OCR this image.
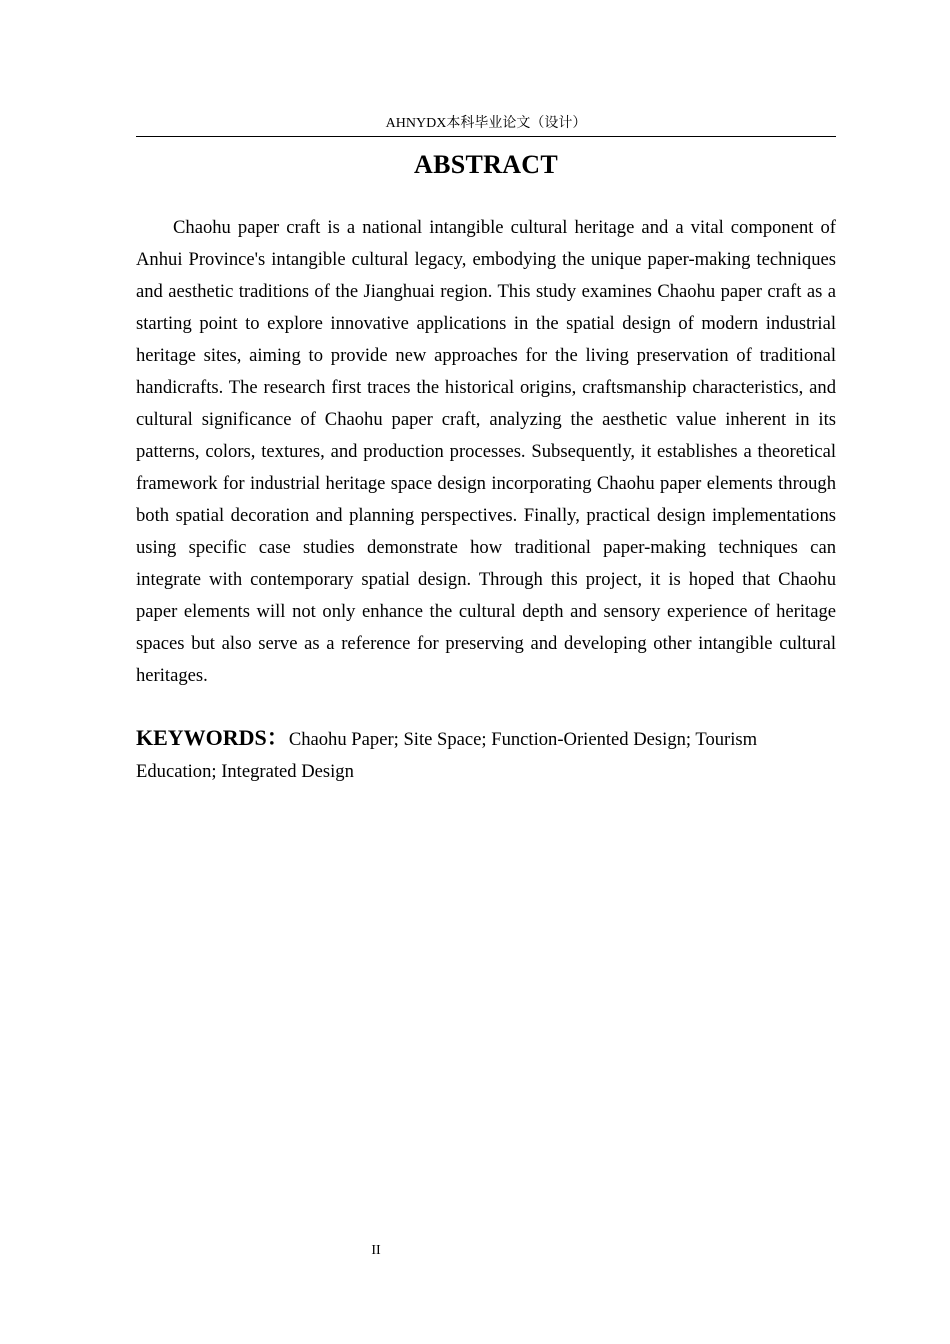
AHNYDX本科毕业论文（设计）
ABSTRACT

Chaohu paper craft is a national intangible cultural heritage and a vital component of Anhui Province's intangible cultural legacy, embodying the unique paper-making techniques and aesthetic traditions of the Jianghuai region. This study examines Chaohu paper craft as a starting point to explore innovative applications in the spatial design of modern industrial heritage sites, aiming to provide new approaches for the living preservation of traditional handicrafts. The research first traces the historical origins, craftsmanship characteristics, and cultural significance of Chaohu paper craft, analyzing the aesthetic value inherent in its patterns, colors, textures, and production processes. Subsequently, it establishes a theoretical framework for industrial heritage space design incorporating Chaohu paper elements through both spatial decoration and planning perspectives. Finally, practical design implementations using specific case studies demonstrate how traditional paper-making techniques can integrate with contemporary spatial design. Through this project, it is hoped that Chaohu paper elements will not only enhance the cultural depth and sensory experience of heritage spaces but also serve as a reference for preserving and developing other intangible cultural heritages.

KEYWORDS：Chaohu Paper; Site Space; Function-Oriented Design; Tourism Education; Integrated Design

II
